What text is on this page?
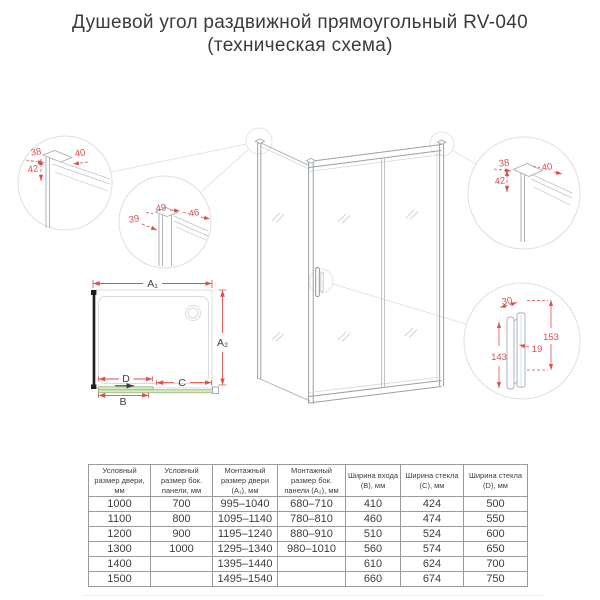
Душевой угол раздвижной прямоугольный RV-040
(техническая схема)
A₁
A₂
D	C
B
38	40
42
49 46
39
38	40
42
30
153
143
19
Условный размер двери, мм	Условный размер бок. панели, мм	Монтажный размер двери (A₁), мм	Монтажный размер бок. панели (A₂), мм	Ширина входа (B), мм	Ширина стекла (C), мм	Ширина стекла (D), мм
1000	700	995–1040	680–710	410	424	500
1100	800	1095–1140	780–810	460	474	550
1200	900	1195–1240	880–910	510	524	600
1300	1000	1295–1340	980–1010	560	574	650
1400		1395–1440		610	624	700
1500		1495–1540		660	674	750
